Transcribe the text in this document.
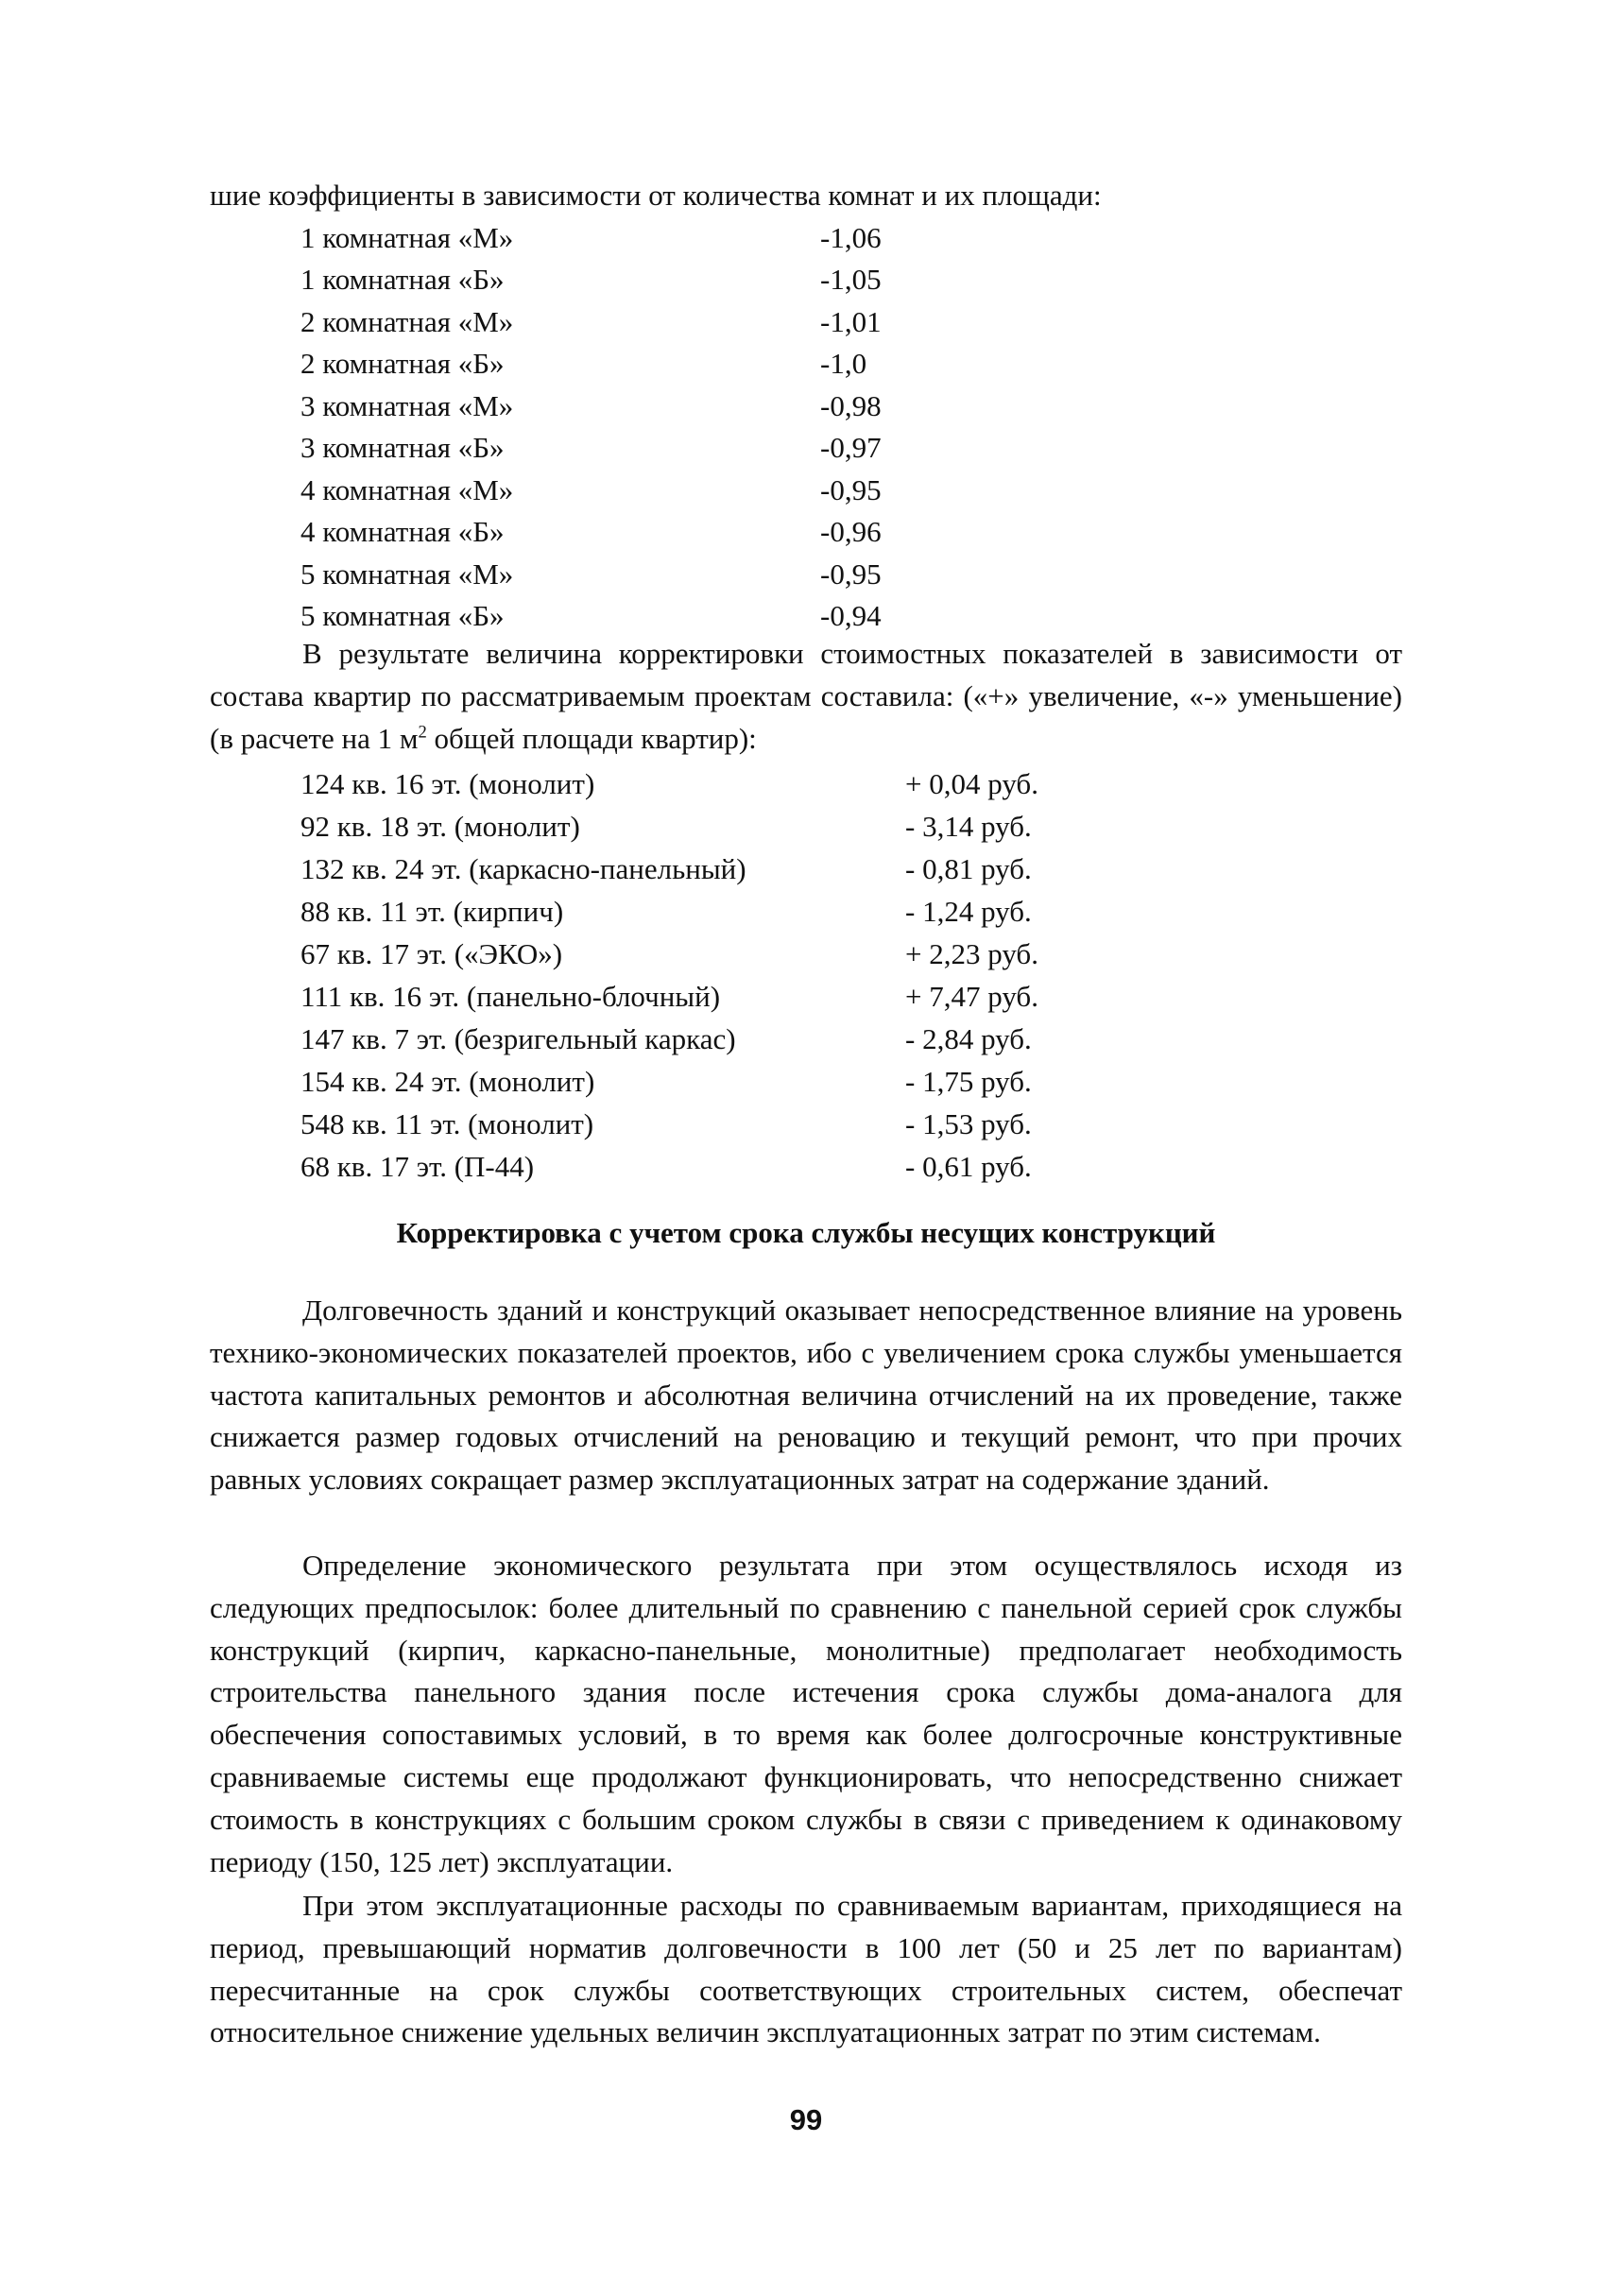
шие коэффициенты в зависимости от количества комнат и их площади:
1 комнатная «М»	-1,06
1 комнатная «Б»	-1,05
2 комнатная «М»	-1,01
2 комнатная «Б»	-1,0
3 комнатная «М»	-0,98
3 комнатная «Б»	-0,97
4 комнатная «М»	-0,95
4 комнатная «Б»	-0,96
5 комнатная «М»	-0,95
5 комнатная «Б»	-0,94
В результате величина корректировки стоимостных показателей в зависимости от состава квартир по рассматриваемым проектам составила: («+» увеличение, «-» уменьшение) (в расчете на 1 $м^2$ общей площади квартир):
124 кв. 16 эт. (монолит)	+ 0,04 руб.
92 кв. 18 эт. (монолит)	- 3,14 руб.
132 кв. 24 эт. (каркасно-панельный)	- 0,81 руб.
88 кв. 11 эт. (кирпич)	- 1,24 руб.
67 кв. 17 эт. («ЭКО»)	+ 2,23 руб.
111 кв. 16 эт. (панельно-блочный)	+ 7,47 руб.
147 кв. 7 эт. (безригельный каркас)	- 2,84 руб.
154 кв. 24 эт. (монолит)	- 1,75 руб.
548 кв. 11 эт. (монолит)	- 1,53 руб.
68 кв. 17 эт. (П-44)	- 0,61 руб.
Корректировка с учетом срока службы несущих конструкций
Долговечность зданий и конструкций оказывает непосредственное влияние на уровень технико-экономических показателей проектов, ибо с увеличением срока службы уменьшается частота капитальных ремонтов и абсолютная величина отчислений на их проведение, также снижается размер годовых отчислений на реновацию и текущий ремонт, что при прочих равных условиях сокращает размер эксплуатационных затрат на содержание зданий.
Определение экономического результата при этом осуществлялось исходя из следующих предпосылок: более длительный по сравнению с панельной серией срок службы конструкций (кирпич, каркасно-панельные, монолитные) предполагает необходимость строительства панельного здания после истечения срока службы дома-аналога для обеспечения сопоставимых условий, в то время как более долгосрочные конструктивные сравниваемые системы еще продолжают функционировать, что непосредственно снижает стоимость в конструкциях с большим сроком службы в связи с приведением к одинаковому периоду (150, 125 лет) эксплуатации.
При этом эксплуатационные расходы по сравниваемым вариантам, приходящиеся на период, превышающий норматив долговечности в 100 лет (50 и 25 лет по вариантам) пересчитанные на срок службы соответствующих строительных систем, обеспечат относительное снижение удельных величин эксплуатационных затрат по этим системам.
99
